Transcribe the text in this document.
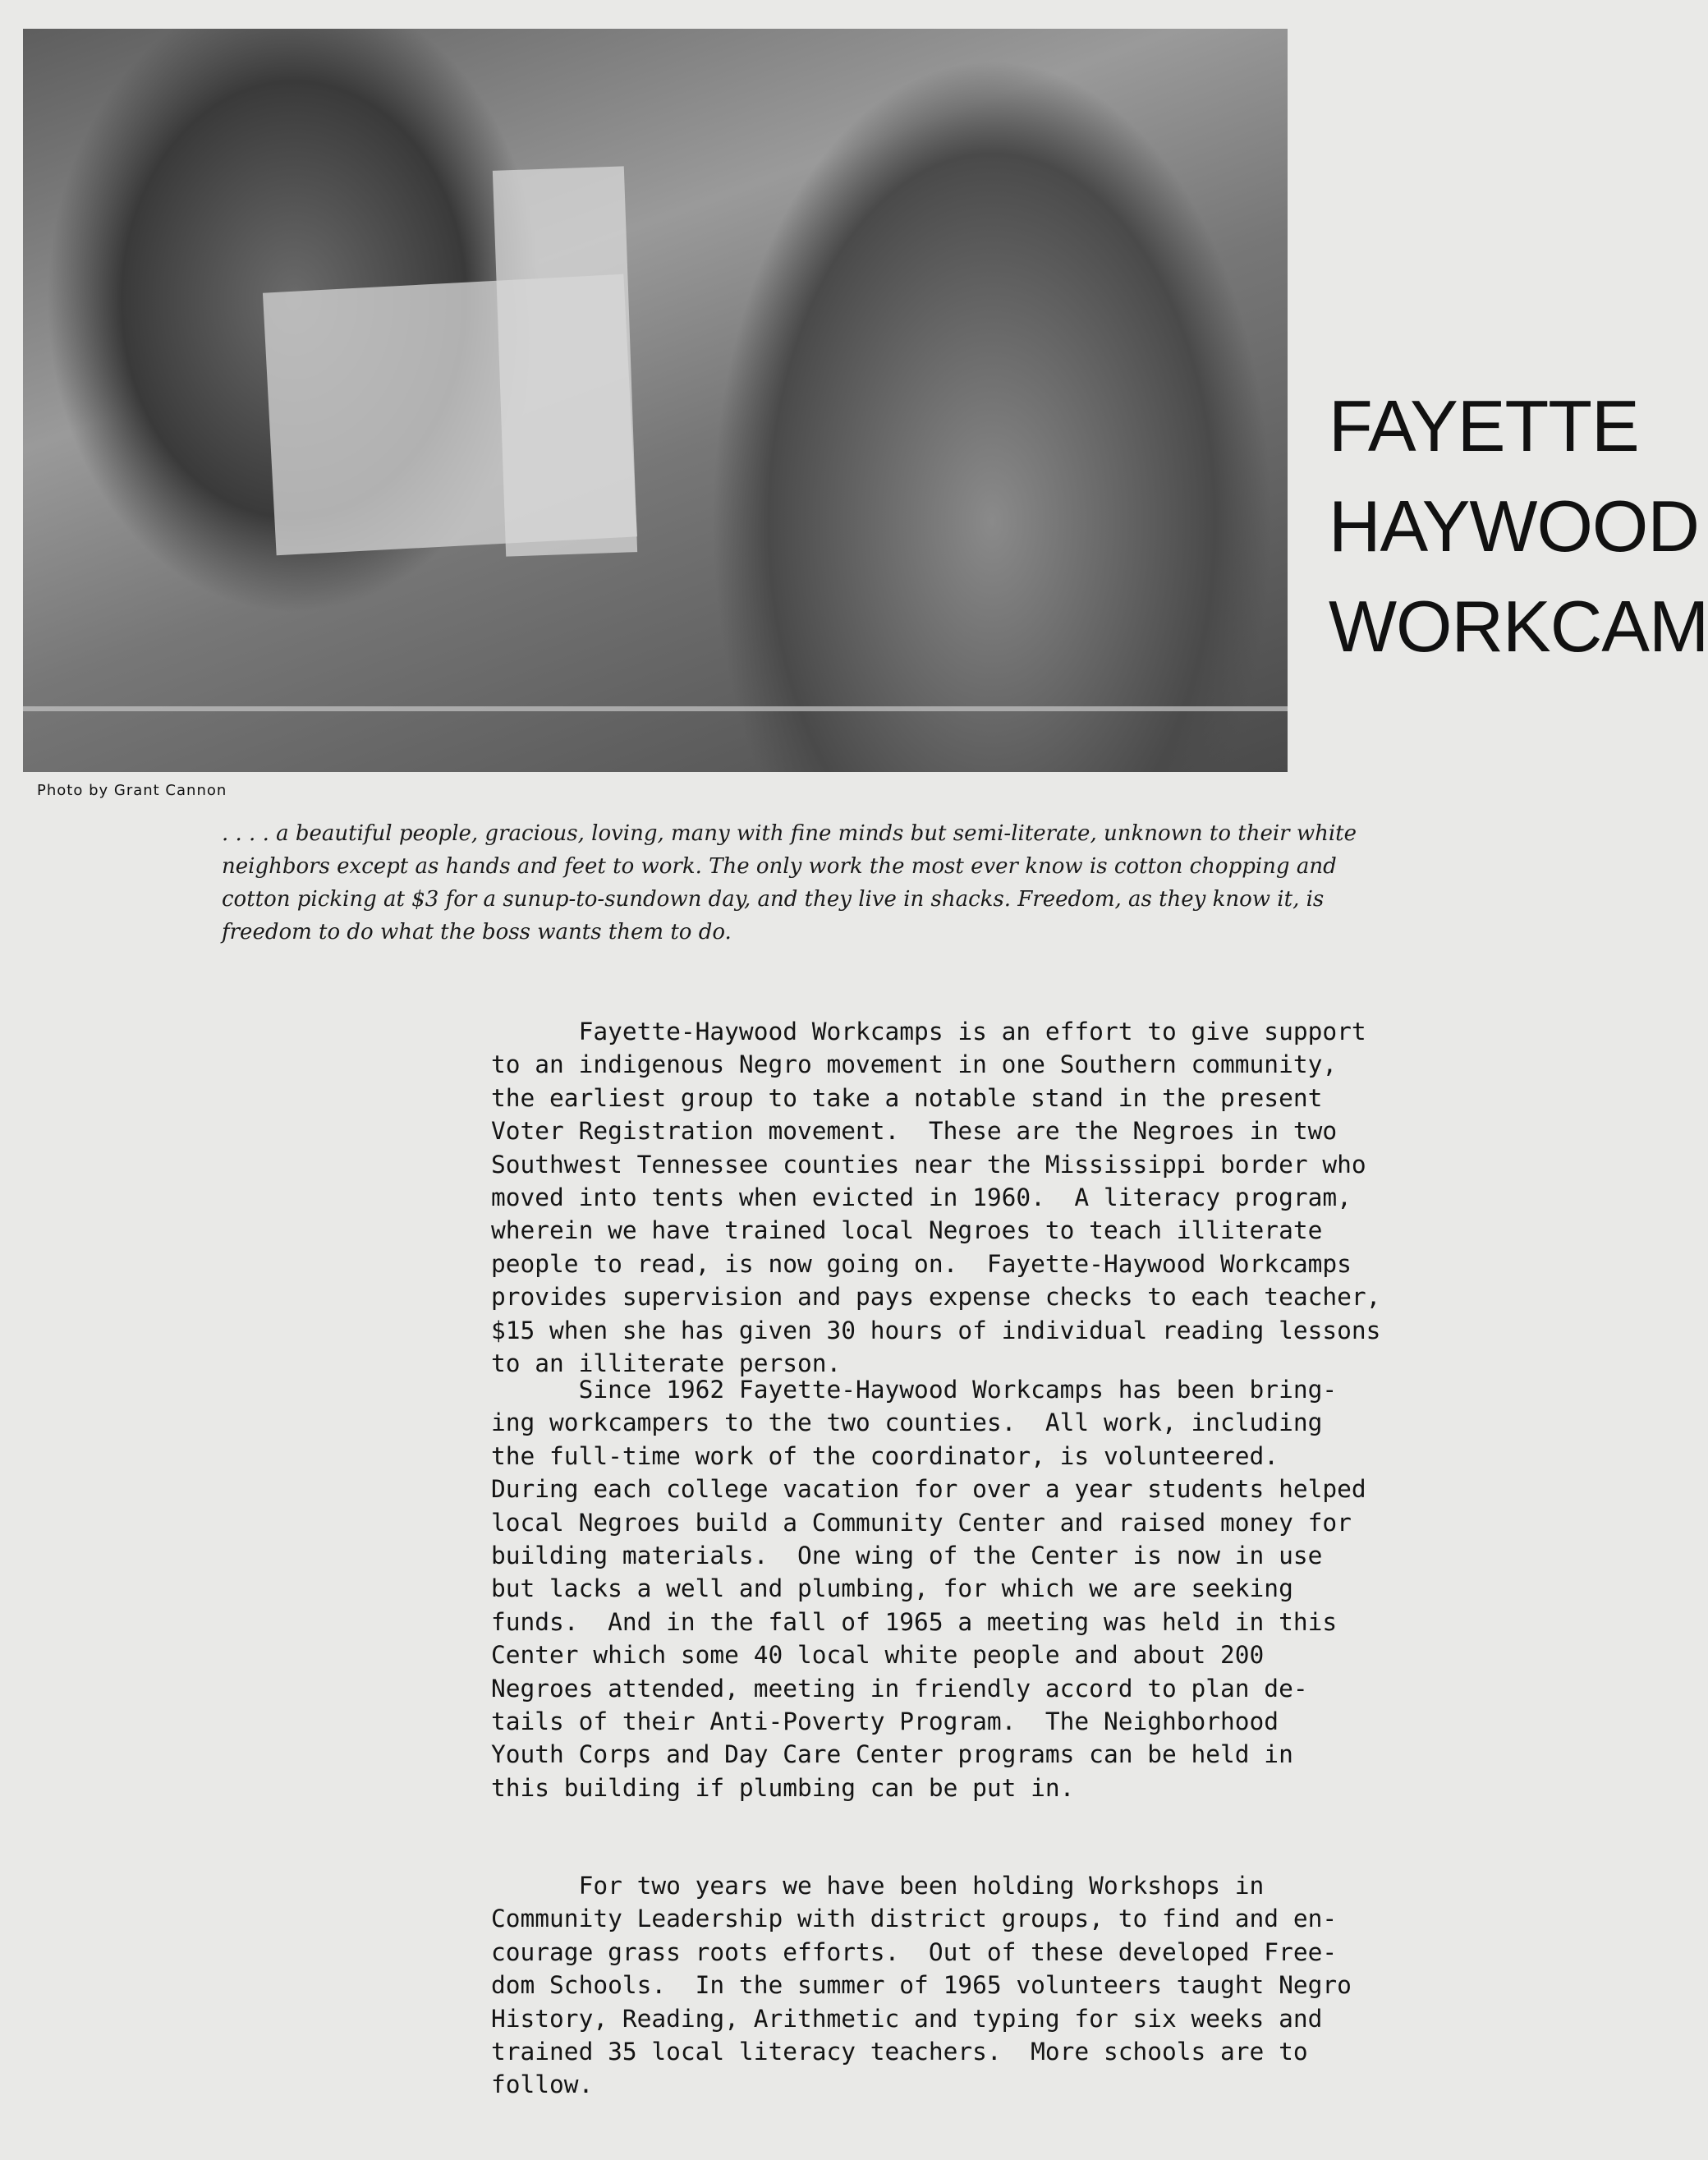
FAYETTE
HAYWOOD
WORKCAM
Photo by Grant Cannon
. . . . a beautiful people, gracious, loving, many with fine minds but semi-literate, unknown to their white
neighbors except as hands and feet to work. The only work the most ever know is cotton chopping and
cotton picking at $3 for a sunup-to-sundown day, and they live in shacks. Freedom, as they know it, is
freedom to do what the boss wants them to do.
Fayette-Haywood Workcamps is an effort to give support
to an indigenous Negro movement in one Southern community,
the earliest group to take a notable stand in the present
Voter Registration movement.  These are the Negroes in two
Southwest Tennessee counties near the Mississippi border who
moved into tents when evicted in 1960.  A literacy program,
wherein we have trained local Negroes to teach illiterate
people to read, is now going on.  Fayette-Haywood Workcamps
provides supervision and pays expense checks to each teacher,
$15 when she has given 30 hours of individual reading lessons
to an illiterate person.
Since 1962 Fayette-Haywood Workcamps has been bring-
ing workcampers to the two counties.  All work, including
the full-time work of the coordinator, is volunteered.
During each college vacation for over a year students helped
local Negroes build a Community Center and raised money for
building materials.  One wing of the Center is now in use
but lacks a well and plumbing, for which we are seeking
funds.  And in the fall of 1965 a meeting was held in this
Center which some 40 local white people and about 200
Negroes attended, meeting in friendly accord to plan de-
tails of their Anti-Poverty Program.  The Neighborhood
Youth Corps and Day Care Center programs can be held in
this building if plumbing can be put in.
For two years we have been holding Workshops in
Community Leadership with district groups, to find and en-
courage grass roots efforts.  Out of these developed Free-
dom Schools.  In the summer of 1965 volunteers taught Negro
History, Reading, Arithmetic and typing for six weeks and
trained 35 local literacy teachers.  More schools are to
follow.
